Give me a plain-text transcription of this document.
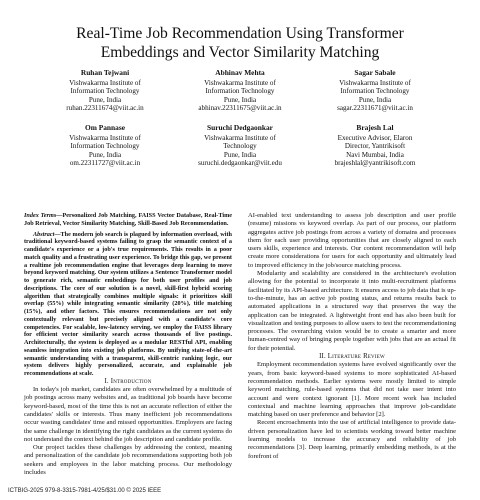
Real-Time Job Recommendation Using Transformer
Embeddings and Vector Similarity Matching
Ruhan Tejwani
Vishwakarma Institute of
Information Technology
Pune, India
ruhan.22311674@viit.ac.in
Abhinav Mehta
Vishwakarma Institute of
Information Technology
Pune, India
abhinav.22311675@viit.ac.in
Sagar Sabale
Vishwakarma Institute of
Information Technology
Pune, India
sagar.22311671@viit.ac.in
Om Pannase
Vishwakarma Institute of
Information Technology
Pune, India
om.22311727@viit.ac.in
Suruchi Dedgaonkar
Vishwakarma Institute of
Technology
Pune, India
suruchi.dedgaonkar@viit.edu
Brajesh Lal
Executive Advisor, Elaron
Director, Yantrikisoft
Navi Mumbai, India
brajeshlal@yantrikisoft.com

Index Terms—Personalized Job Matching, FAISS Vector Database, Real-Time Job Retrieval, Vector Similarity Matching, Skill-Based Job Recommendation.

Abstract—The modern job search is plagued by information overload, with traditional keyword-based systems failing to grasp the semantic context of a candidate's experience or a job's true requirements. This results in a poor match quality and a frustrating user experience. To bridge this gap, we present a realtime job recommendation engine that leverages deep learning to move beyond keyword matching. Our system utilizes a Sentence Transformer model to generate rich, semantic embeddings for both user profiles and job descriptions. The core of our solution is a novel, skill-first hybrid scoring algorithm that strategically combines multiple signals: it prioritizes skill overlap (55%) while integrating semantic similarity (20%), title matching (15%), and other factors. This ensures recommendations are not only contextually relevant but precisely aligned with a candidate's core competencies. For scalable, low-latency serving, we employ the FAISS library for efficient vector similarity search across thousands of live postings. Architecturally, the system is deployed as a modular RESTful API, enabling seamless integration into existing job platforms. By unifying state-of-the-art semantic understanding with a transparent, skill-centric ranking logic, our system delivers highly personalized, accurate, and explainable job recommendations at scale.

I. Introduction

In today's job market, candidates are often overwhelmed by a multitude of job postings across many websites and, as traditional job boards have become keyword-based, most of the time this is not an accurate reflection of either the candidates' skills or interests. Thus many inefficient job recommendations occur wasting candidates' time and missed opportunities. Employers are facing the same challenge in identifying the right candidates as the current systems do not understand the context behind the job description and candidate profile.

Our project tackles these challenges by addressing the context, meaning and personalization of the candidate job recommendations supporting both job seekers and employees in the labor matching process. Our methodology includes

AI-enabled text understanding to assess job description and user profile (resume) missions vs keyword overlap. As part of our process, our platform aggregates active job postings from across a variety of domains and processes them for each user providing opportunities that are closely aligned to each users skills, experience and interests. Our content recommendation will help create more considerations for users for each opportunity and ultimately lead to improved efficiency in the job/source matching process.

Modularity and scalability are considered in the architecture's evolution allowing for the potential to incorporate it into multi-recruitment platforms facilitated by its API-based architecture. It ensures access to job data that is up-to-the-minute, has an active job posting status, and returns results back to automated applications in a structured way that preserves the way the application can be integrated. A lightweight front end has also been built for visualization and testing purposes to allow users to test the recommendationing processes. The overarching vision would be to create a smarter and more human-centred way of bringing people together with jobs that are an actual fit for their potential.

II. Literature Review

Employment recommendation systems have evolved significantly over the years, from basic keyword-based systems to more sophisticated AI-based recommendation methods. Earlier systems were mostly limited to simple keyword matching, rule-based systems that did not take user intent into account and were context ignorant [1]. More recent work has included contextual and machine learning approaches that improve job-candidate matching based on user preference and behavior [2].

Recent encroachments into the use of artificial intelligence to provide data-driven personalization have led to scientists working toward better machine learning models to increase the accuracy and reliability of job recommendations [3]. Deep learning, primarily embedding methods, is at the forefront of

ICTBIG-2025 979-8-3315-7981-4/25/$31.00 © 2025 IEEE
